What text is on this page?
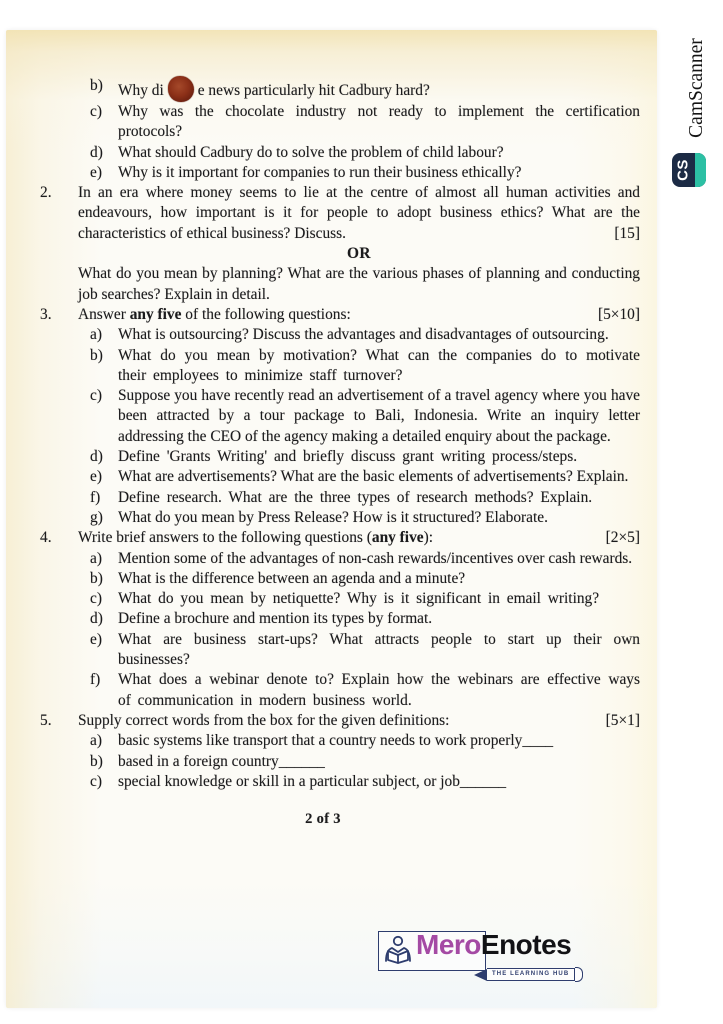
b) Why di e news particularly hit Cadbury hard?
c)	Why was the chocolate industry not ready to implement the certification protocols?
d) What should Cadbury do to solve the problem of child labour?
e)	Why is it important for companies to run their business ethically?
2.	In an era where money seems to lie at the centre of almost all human activities and endeavours, how important is it for people to adopt business ethics? What are the characteristics of ethical business? Discuss.	[15]
OR
What do you mean by planning? What are the various phases of planning and conducting job searches? Explain in detail.
3.	Answer any five of the following questions:	[5×10]
a)	What is outsourcing? Discuss the advantages and disadvantages of outsourcing.
b) What do you mean by motivation? What can the companies do to motivate their employees to minimize staff turnover?
c)	Suppose you have recently read an advertisement of a travel agency where you have been attracted by a tour package to Bali, Indonesia. Write an inquiry letter addressing the CEO of the agency making a detailed enquiry about the package.
d) Define 'Grants Writing' and briefly discuss grant writing process/steps.
e)	What are advertisements? What are the basic elements of advertisements? Explain.
f)	Define research. What are the three types of research methods? Explain.
g) What do you mean by Press Release? How is it structured? Elaborate.
4.	Write brief answers to the following questions (any five):	[2×5]
a)	Mention some of the advantages of non-cash rewards/incentives over cash rewards.
b) What is the difference between an agenda and a minute?
c)	What do you mean by netiquette? Why is it significant in email writing?
d) Define a brochure and mention its types by format.
e)	What are business start-ups? What attracts people to start up their own businesses?
f)	What does a webinar denote to? Explain how the webinars are effective ways of communication in modern business world.
5.	Supply correct words from the box for the given definitions:	[5×1]
a)	basic systems like transport that a country needs to work properly____
b) based in a foreign country______
c)	special knowledge or skill in a particular subject, or job______
2 of 3
MeroEnotes
THE LEARNING HUB
CamScanner
CS
